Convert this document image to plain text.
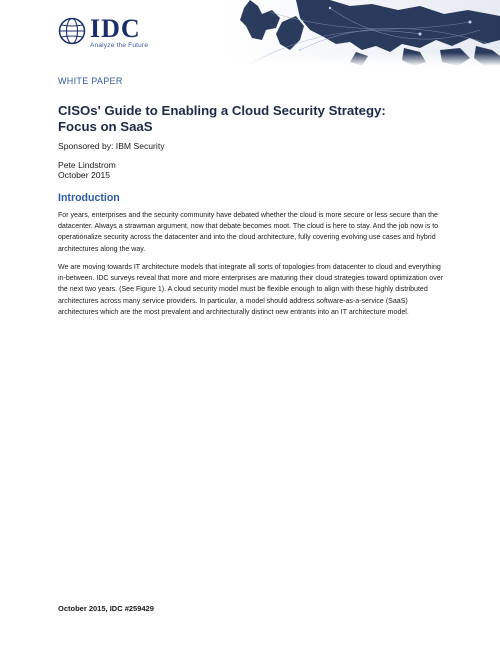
IDC
Analyze the Future
WHITE PAPER
CISOs' Guide to Enabling a Cloud Security Strategy:
Focus on SaaS
Sponsored by: IBM Security
Pete Lindstrom
October 2015
Introduction

For years, enterprises and the security community have debated whether the cloud is more secure or less secure than the datacenter. Always a strawman argument, now that debate becomes moot. The cloud is here to stay. And the job now is to operationalize security across the datacenter and into the cloud architecture, fully covering evolving use cases and hybrid architectures along the way.

We are moving towards IT architecture models that integrate all sorts of topologies from datacenter to cloud and everything in-between. IDC surveys reveal that more and more enterprises are maturing their cloud strategies toward optimization over the next two years. (See Figure 1). A cloud security model must be flexible enough to align with these highly distributed architectures across many service providers. In particular, a model should address software-as-a-service (SaaS) architectures which are the most prevalent and architecturally distinct new entrants into an IT architecture model.

October 2015, IDC #259429
